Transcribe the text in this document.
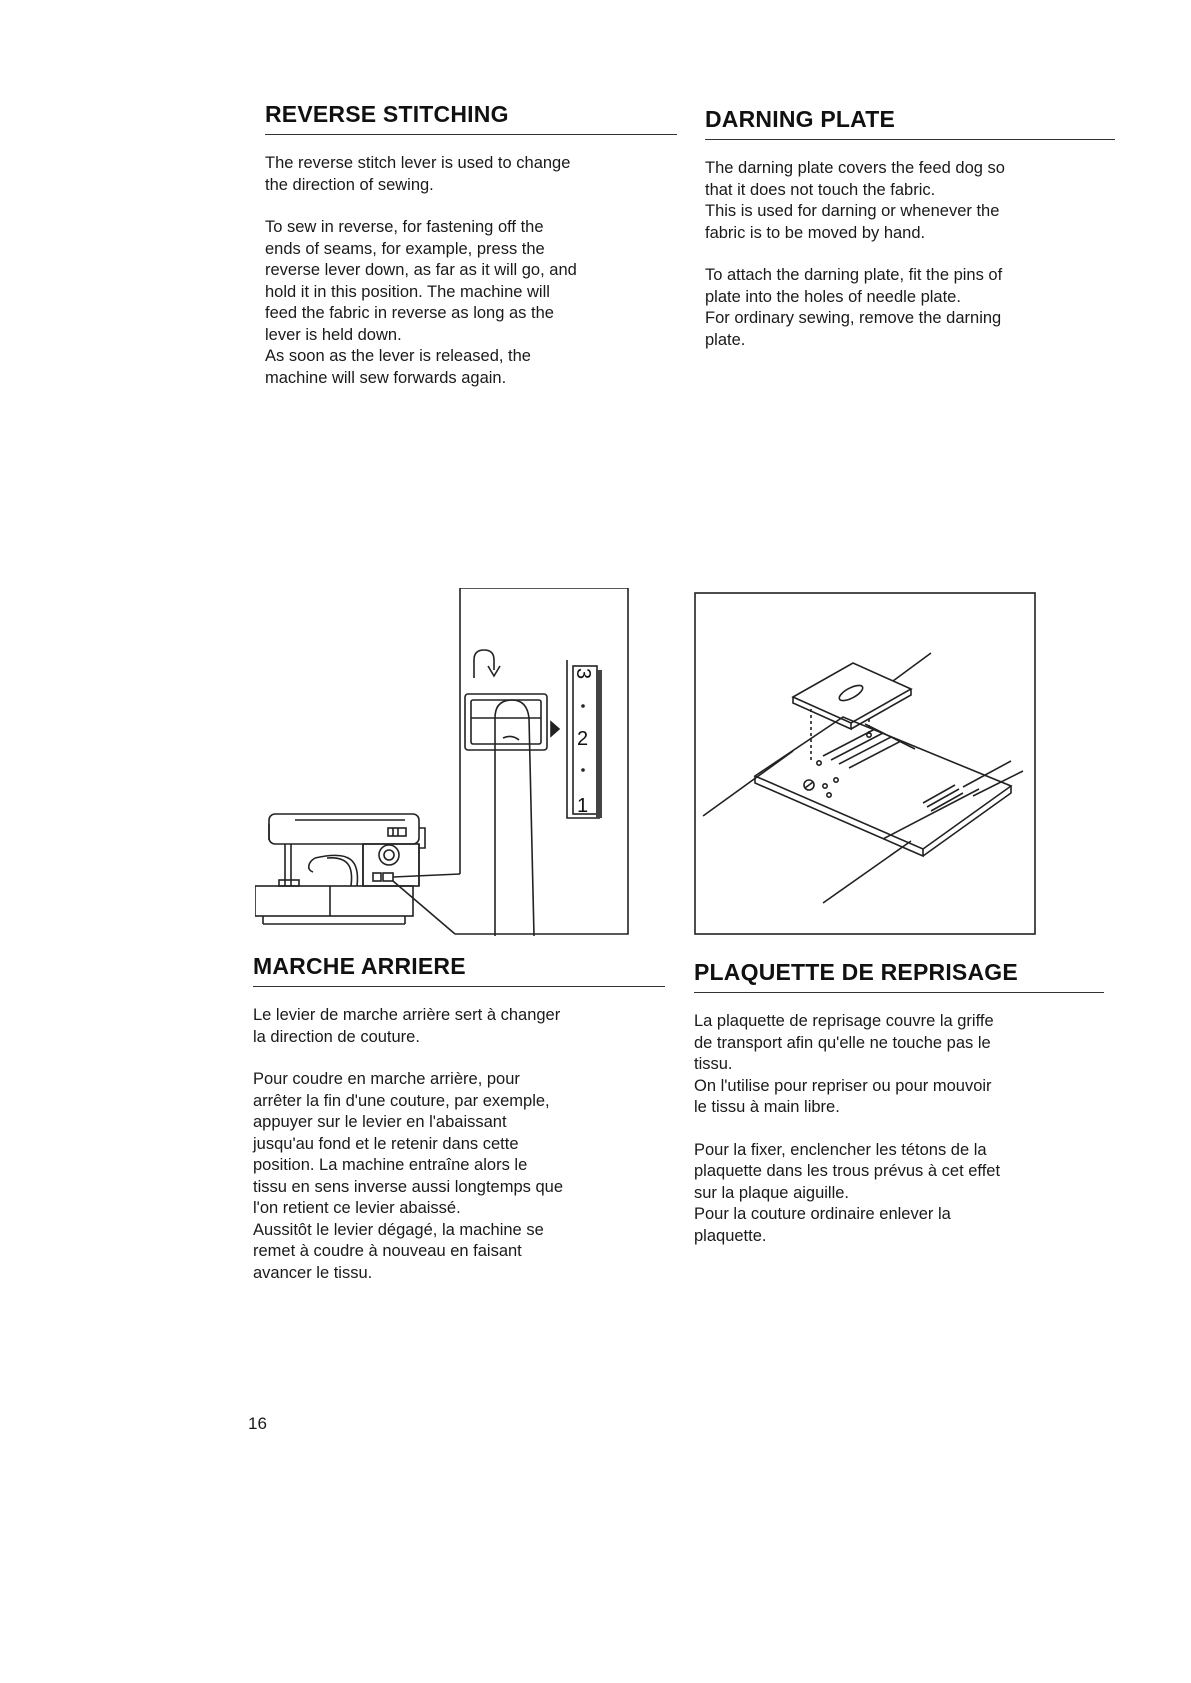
REVERSE STITCHING
The reverse stitch lever is used to change
the direction of sewing.
To sew in reverse, for fastening off the
ends of seams, for example, press the
reverse lever down, as far as it will go, and
hold it in this position. The machine will
feed the fabric in reverse as long as the
lever is held down.
As soon as the lever is released, the
machine will sew forwards again.
DARNING PLATE
The darning plate covers the feed dog so
that it does not touch the fabric.
This is used for darning or whenever the
fabric is to be moved by hand.
To attach the darning plate, fit the pins of
plate into the holes of needle plate.
For ordinary sewing, remove the darning
plate.
3
2
1
MARCHE ARRIERE
Le levier de marche arrière sert à changer
la direction de couture.
Pour coudre en marche arrière, pour
arrêter la fin d'une couture, par exemple,
appuyer sur le levier en l'abaissant
jusqu'au fond et le retenir dans cette
position. La machine entraîne alors le
tissu en sens inverse aussi longtemps que
l'on retient ce levier abaissé.
Aussitôt le levier dégagé, la machine se
remet à coudre à nouveau en faisant
avancer le tissu.
PLAQUETTE DE REPRISAGE
La plaquette de reprisage couvre la griffe
de transport afin qu'elle ne touche pas le
tissu.
On l'utilise pour repriser ou pour mouvoir
le tissu à main libre.
Pour la fixer, enclencher les tétons de la
plaquette dans les trous prévus à cet effet
sur la plaque aiguille.
Pour la couture ordinaire enlever la
plaquette.
16
